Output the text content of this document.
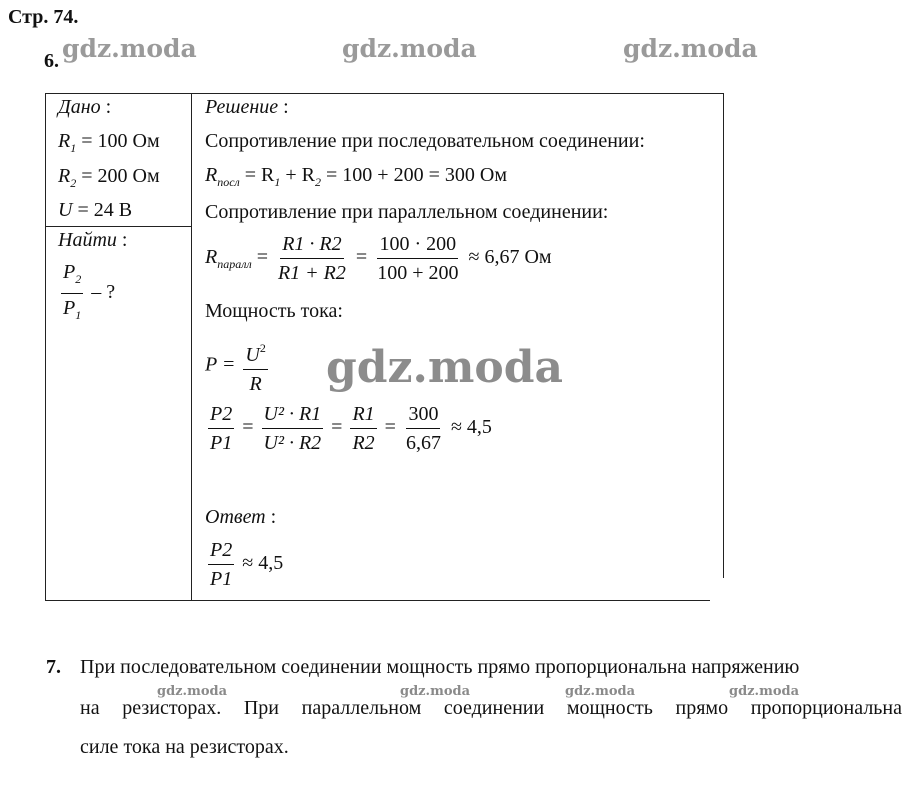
Стр. 74.
6. gdz.moda	gdz.moda	gdz.moda
gdz.moda
Дано :
$R_1 = 100$ Ом
$R_2 = 200$ Ом
U = 24 В
Найти :
$\frac{P_2}{P_1}$ – ?
Решение :
Сопротивление при последовательном соединении:
$R_{посл} = R_1 + R_2 = 100 + 200 = 300$ Ом
Сопротивление при параллельном соединении:
$R_{паралл} = \frac{R1 \cdot R2}{R1 + R2} = \frac{100 \cdot 200}{100 + 200} \approx 6,67$ Ом
Мощность тока:
$P = \frac{U^2}{R}$
$\frac{P2}{P1} = \frac{\text{U² · R1}}{\text{U² · R2}} = \frac{R1}{R2} = \frac{300}{6,67} \approx 4,5$
Ответ :
$\frac{P2}{P1} \approx 4,5$
7. При последовательном соединении мощность прямо пропорциональна напряжению
gdz.moda	gdz.moda	gdz.moda	gdz.moda
на резисторах. При параллельном соединении мощность прямо пропорциональна
силе тока на резисторах.
